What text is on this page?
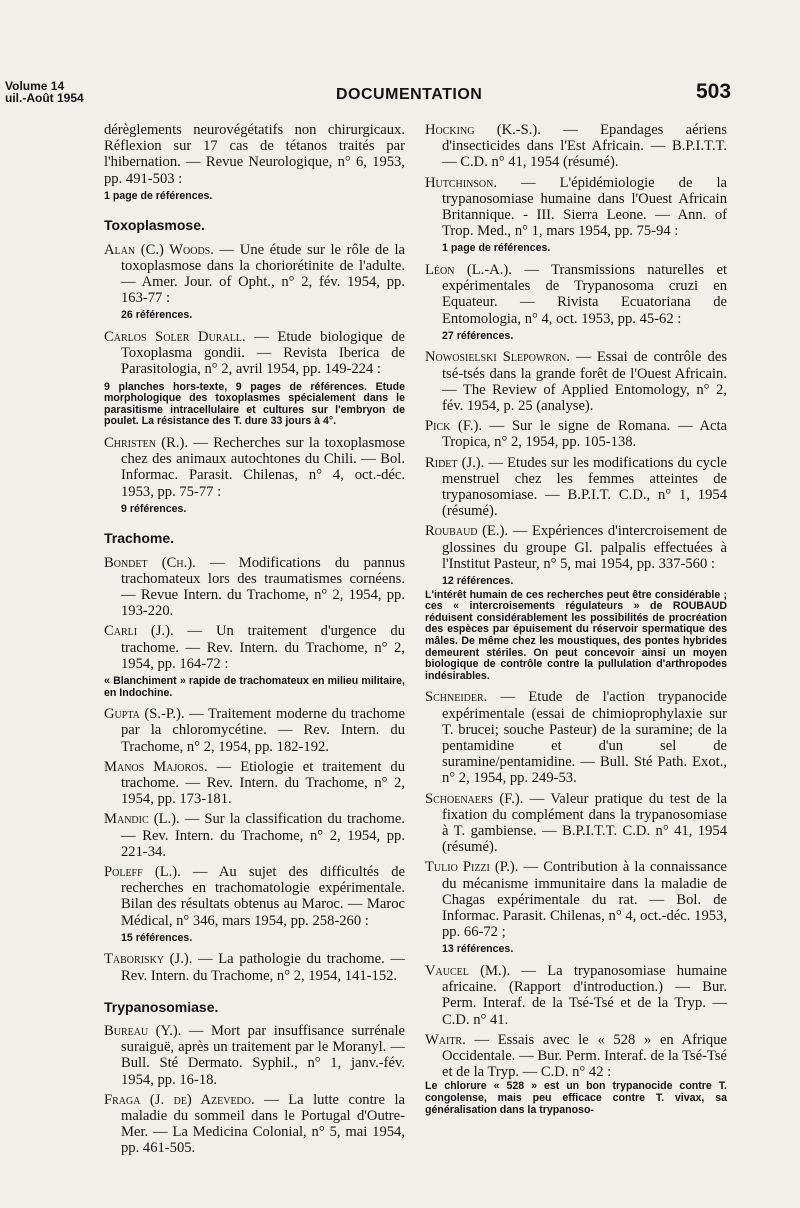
Volume 14
uil.-Août 1954	DOCUMENTATION	503

dérèglements neurovégétatifs non chirurgicaux. Réflexion sur 17 cas de tétanos traités par l'hibernation. — Revue Neurologique, n° 6, 1953, pp. 491-503 :

1 page de références.

Toxoplasmose.

Alan (C.) Woods. — Une étude sur le rôle de la toxoplasmose dans la choriorétinite de l'adulte. — Amer. Jour. of Opht., n° 2, fév. 1954, pp. 163-77 :

26 références.

Carlos Soler Durall. — Etude biologique de Toxoplasma gondii. — Revista Iberica de Parasitologia, n° 2, avril 1954, pp. 149-224 :

9 planches hors-texte, 9 pages de références. Etude morphologique des toxoplasmes spécialement dans le parasitisme intracellulaire et cultures sur l'embryon de poulet. La résistance des T. dure 33 jours à 4°.

Christen (R.). — Recherches sur la toxoplasmose chez des animaux autochtones du Chili. — Bol. Informac. Parasit. Chilenas, n° 4, oct.-déc. 1953, pp. 75-77 :

9 références.

Trachome.

Bondet (Ch.). — Modifications du pannus trachomateux lors des traumatismes cornéens. — Revue Intern. du Trachome, n° 2, 1954, pp. 193-220.

Carli (J.). — Un traitement d'urgence du trachome. — Rev. Intern. du Trachome, n° 2, 1954, pp. 164-72 :

« Blanchiment » rapide de trachomateux en milieu militaire, en Indochine.

Gupta (S.-P.). — Traitement moderne du trachome par la chloromycétine. — Rev. Intern. du Trachome, n° 2, 1954, pp. 182-192.

Manos Majoros. — Etiologie et traitement du trachome. — Rev. Intern. du Trachome, n° 2, 1954, pp. 173-181.

Mandic (L.). — Sur la classification du trachome. — Rev. Intern. du Trachome, n° 2, 1954, pp. 221-34.

Poleff (L.). — Au sujet des difficultés de recherches en trachomatologie expérimentale. Bilan des résultats obtenus au Maroc. — Maroc Médical, n° 346, mars 1954, pp. 258-260 :

15 références.

Taborisky (J.). — La pathologie du trachome. — Rev. Intern. du Trachome, n° 2, 1954, 141-152.

Trypanosomiase.

Bureau (Y.). — Mort par insuffisance surrénale suraiguë, après un traitement par le Moranyl. — Bull. Sté Dermato. Syphil., n° 1, janv.-fév. 1954, pp. 16-18.

Fraga (J. de) Azevedo. — La lutte contre la maladie du sommeil dans le Portugal d'Outre-Mer. — La Medicina Colonial, n° 5, mai 1954, pp. 461-505.

Hocking (K.-S.). — Epandages aériens d'insecticides dans l'Est Africain. — B.P.I.T.T. — C.D. n° 41, 1954 (résumé).

Hutchinson. — L'épidémiologie de la trypanosomiase humaine dans l'Ouest Africain Britannique. - III. Sierra Leone. — Ann. of Trop. Med., n° 1, mars 1954, pp. 75-94 :

1 page de références.

Léon (L.-A.). — Transmissions naturelles et expérimentales de Trypanosoma cruzi en Equateur. — Rivista Ecuatoriana de Entomologia, n° 4, oct. 1953, pp. 45-62 :

27 références.

Nowosielski Slepowron. — Essai de contrôle des tsé-tsés dans la grande forêt de l'Ouest Africain. — The Review of Applied Entomology, n° 2, fév. 1954, p. 25 (analyse).

Pick (F.). — Sur le signe de Romana. — Acta Tropica, n° 2, 1954, pp. 105-138.

Ridet (J.). — Etudes sur les modifications du cycle menstruel chez les femmes atteintes de trypanosomiase. — B.P.I.T. C.D., n° 1, 1954 (résumé).

Roubaud (E.). — Expériences d'intercroisement de glossines du groupe Gl. palpalis effectuées à l'Institut Pasteur, n° 5, mai 1954, pp. 337-560 :

12 références.

L'intérêt humain de ces recherches peut être considérable ; ces « intercroisements régulateurs » de ROUBAUD réduisent considérablement les possibilités de procréation des espèces par épuisement du réservoir spermatique des mâles. De même chez les moustiques, des pontes hybrides demeurent stériles. On peut concevoir ainsi un moyen biologique de contrôle contre la pullulation d'arthropodes indésirables.

Schneider. — Etude de l'action trypanocide expérimentale (essai de chimioprophylaxie sur T. brucei; souche Pasteur) de la suramine; de la pentamidine et d'un sel de suramine/pentamidine. — Bull. Sté Path. Exot., n° 2, 1954, pp. 249-53.

Schoenaers (F.). — Valeur pratique du test de la fixation du complément dans la trypanosomiase à T. gambiense. — B.P.I.T.T. C.D. n° 41, 1954 (résumé).

Tulio Pizzi (P.). — Contribution à la connaissance du mécanisme immunitaire dans la maladie de Chagas expérimentale du rat. — Bol. de Informac. Parasit. Chilenas, n° 4, oct.-déc. 1953, pp. 66-72 ;

13 références.

Vaucel (M.). — La trypanosomiase humaine africaine. (Rapport d'introduction.) — Bur. Perm. Interaf. de la Tsé-Tsé et de la Tryp. — C.D. n° 41.

Waitr. — Essais avec le « 528 » en Afrique Occidentale. — Bur. Perm. Interaf. de la Tsé-Tsé et de la Tryp. — C.D. n° 42 :

Le chlorure « 528 » est un bon trypanocide contre T. congolense, mais peu efficace contre T. vivax, sa généralisation dans la trypanoso-
